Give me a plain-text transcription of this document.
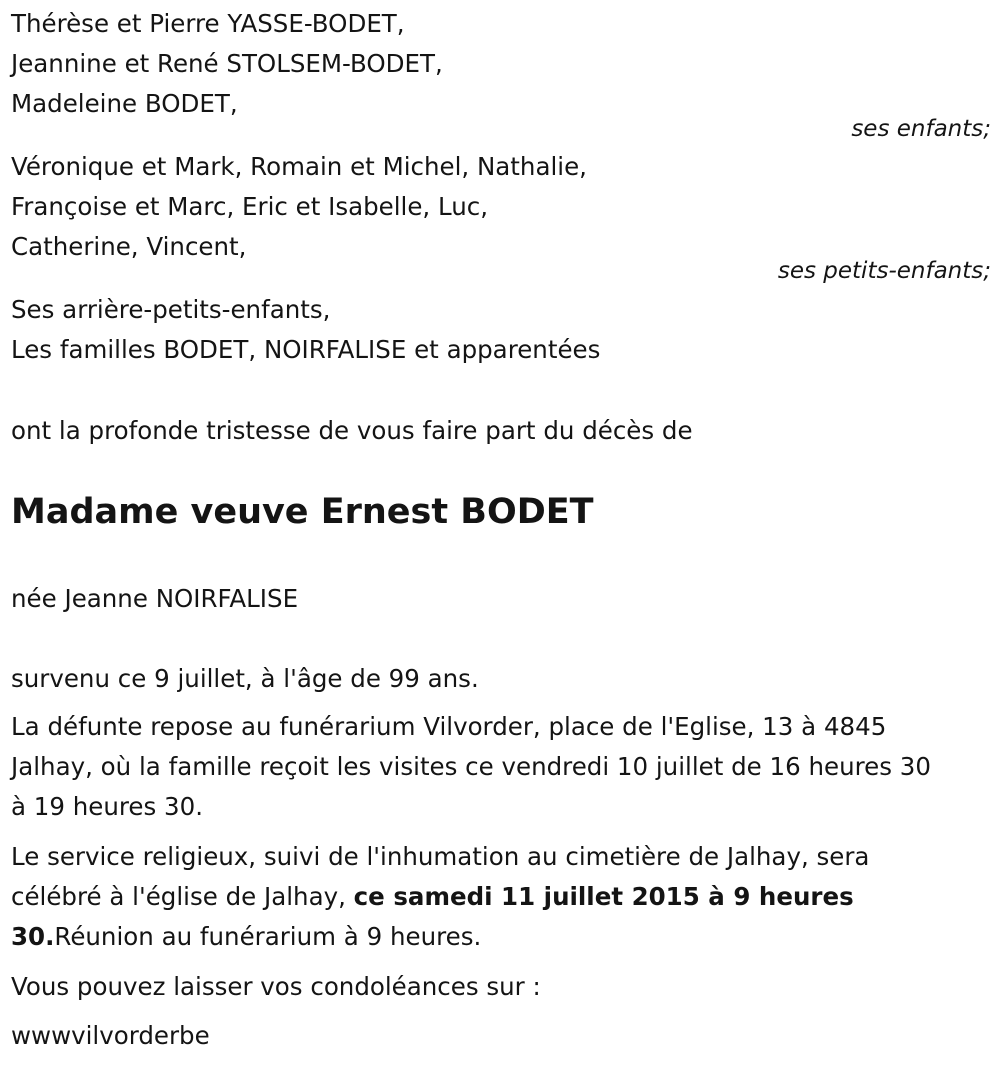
Thérèse et Pierre YASSE-BODET,
Jeannine et René STOLSEM-BODET,
Madeleine BODET,
ses enfants;
Véronique et Mark, Romain et Michel, Nathalie,
Françoise et Marc, Eric et Isabelle, Luc,
Catherine, Vincent,
ses petits-enfants;
Ses arrière-petits-enfants,
Les familles BODET, NOIRFALISE et apparentées
ont la profonde tristesse de vous faire part du décès de
Madame veuve Ernest BODET
née Jeanne NOIRFALISE
survenu ce 9 juillet, à l'âge de 99 ans.
La défunte repose au funérarium Vilvorder, place de l'Eglise, 13 à 4845
Jalhay, où la famille reçoit les visites ce vendredi 10 juillet de 16 heures 30
à 19 heures 30.
Le service religieux, suivi de l'inhumation au cimetière de Jalhay, sera
célébré à l'église de Jalhay, ce samedi 11 juillet 2015 à 9 heures
30.Réunion au funérarium à 9 heures.
Vous pouvez laisser vos condoléances sur :
wwwvilvorderbe
